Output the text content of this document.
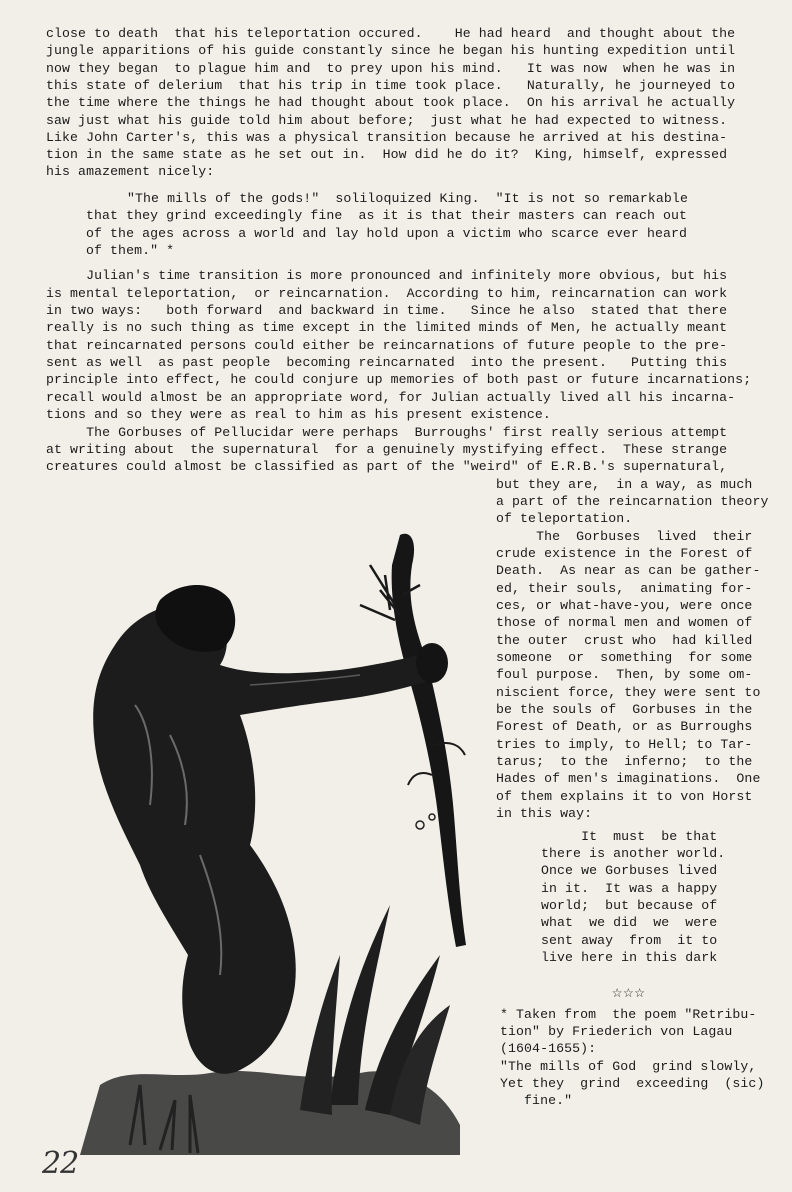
close to death  that his teleportation occured.    He had heard  and thought about the
jungle apparitions of his guide constantly since he began his hunting expedition until
now they began  to plague him and  to prey upon his mind.   It was now  when he was in
this state of delerium  that his trip in time took place.   Naturally, he journeyed to
the time where the things he had thought about took place.  On his arrival he actually
saw just what his guide told him about before;  just what he had expected to witness.
Like John Carter's, this was a physical transition because he arrived at his destina-
tion in the same state as he set out in.  How did he do it?  King, himself, expressed
his amazement nicely:
"The mills of the gods!"  soliloquized King.  "It is not so remarkable
that they grind exceedingly fine  as it is that their masters can reach out
of the ages across a world and lay hold upon a victim who scarce ever heard
of them." *
Julian's time transition is more pronounced and infinitely more obvious, but his
is mental teleportation,  or reincarnation.  According to him, reincarnation can work
in two ways:   both forward  and backward in time.   Since he also  stated that there
really is no such thing as time except in the limited minds of Men, he actually meant
that reincarnated persons could either be reincarnations of future people to the pre-
sent as well  as past people  becoming reincarnated  into the present.   Putting this
principle into effect, he could conjure up memories of both past or future incarnations;
recall would almost be an appropriate word, for Julian actually lived all his incarna-
tions and so they were as real to him as his present existence.
The Gorbuses of Pellucidar were perhaps  Burroughs' first really serious attempt
at writing about  the supernatural  for a genuinely mystifying effect.  These strange
creatures could almost be classified as part of the "weird" of E.R.B.'s supernatural,
but they are,  in a way, as much
a part of the reincarnation theory
of teleportation.
The  Gorbuses  lived  their
crude existence in the Forest of
Death.  As near as can be gather-
ed, their souls,  animating for-
ces, or what-have-you, were once
those of normal men and women of
the outer  crust who  had killed
someone  or  something  for some
foul purpose.  Then, by some om-
niscient force, they were sent to
be the souls of  Gorbuses in the
Forest of Death, or as Burroughs
tries to imply, to Hell; to Tar-
tarus;  to the  inferno;  to the
Hades of men's imaginations.  One
of them explains it to von Horst
in this way:
It  must  be that
there is another world.
Once we Gorbuses lived
in it.  It was a happy
world;  but because of
what  we did  we  were
sent away  from  it to
live here in this dark
☆☆☆
* Taken from  the poem "Retribu-
tion" by Friederich von Lagau
(1604-1655):
"The mills of God  grind slowly,
Yet they  grind  exceeding  (sic)
fine."
22
